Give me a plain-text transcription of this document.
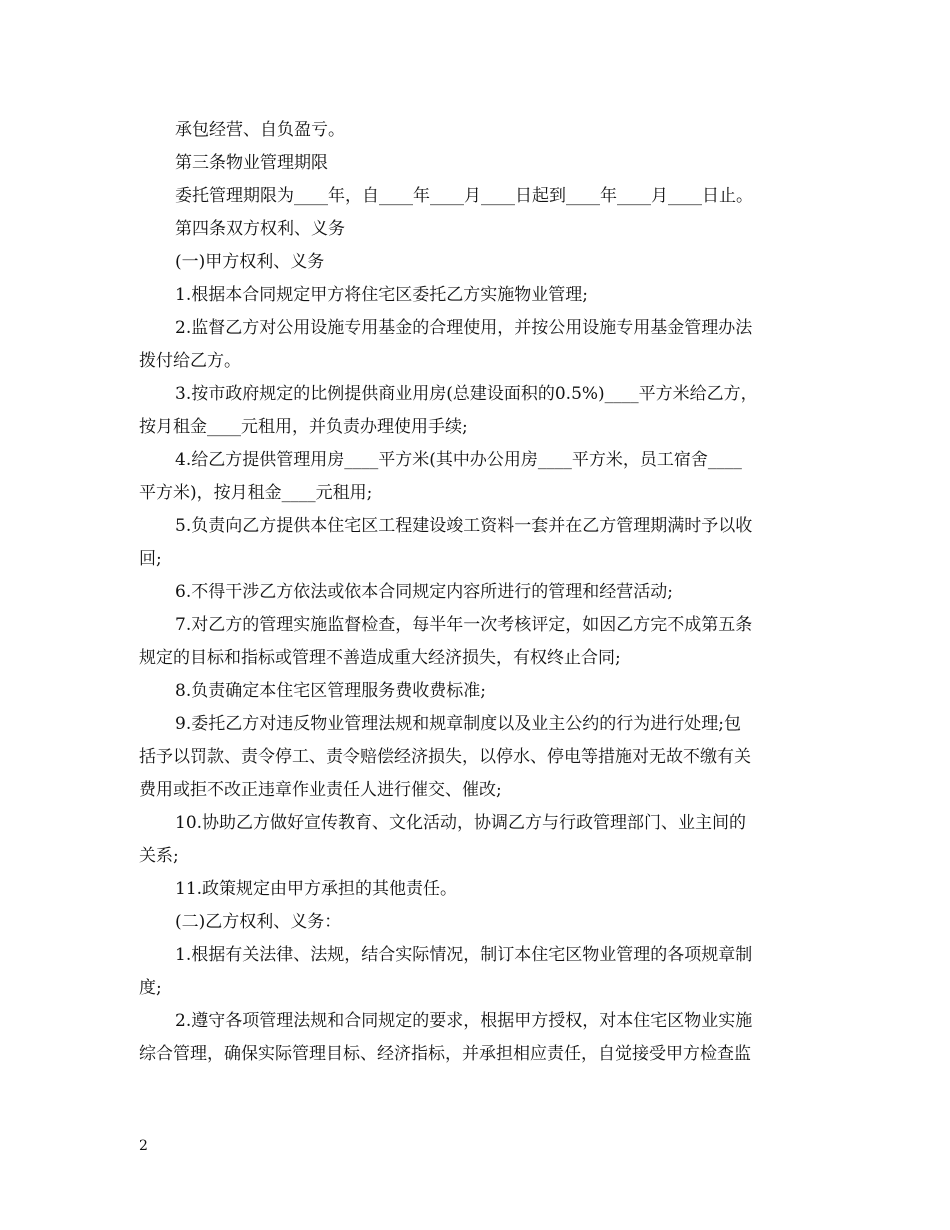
承包经营、自负盈亏。
第三条物业管理期限
委托管理期限为____年，自____年____月____日起到____年____月____日止。
第四条双方权利、义务
(一)甲方权利、义务
1.根据本合同规定甲方将住宅区委托乙方实施物业管理;
2.监督乙方对公用设施专用基金的合理使用，并按公用设施专用基金管理办法
拨付给乙方。
3.按市政府规定的比例提供商业用房(总建设面积的0.5%)____平方米给乙方，
按月租金____元租用，并负责办理使用手续;
4.给乙方提供管理用房____平方米(其中办公用房____平方米，员工宿舍____
平方米)，按月租金____元租用;
5.负责向乙方提供本住宅区工程建设竣工资料一套并在乙方管理期满时予以收
回;
6.不得干涉乙方依法或依本合同规定内容所进行的管理和经营活动;
7.对乙方的管理实施监督检查，每半年一次考核评定，如因乙方完不成第五条
规定的目标和指标或管理不善造成重大经济损失，有权终止合同;
8.负责确定本住宅区管理服务费收费标准;
9.委托乙方对违反物业管理法规和规章制度以及业主公约的行为进行处理;包
括予以罚款、责令停工、责令赔偿经济损失，以停水、停电等措施对无故不缴有关
费用或拒不改正违章作业责任人进行催交、催改;
10.协助乙方做好宣传教育、文化活动，协调乙方与行政管理部门、业主间的
关系;
11.政策规定由甲方承担的其他责任。
(二)乙方权利、义务：
1.根据有关法律、法规，结合实际情况，制订本住宅区物业管理的各项规章制
度;
2.遵守各项管理法规和合同规定的要求，根据甲方授权，对本住宅区物业实施
综合管理，确保实际管理目标、经济指标，并承担相应责任，自觉接受甲方检查监
2
